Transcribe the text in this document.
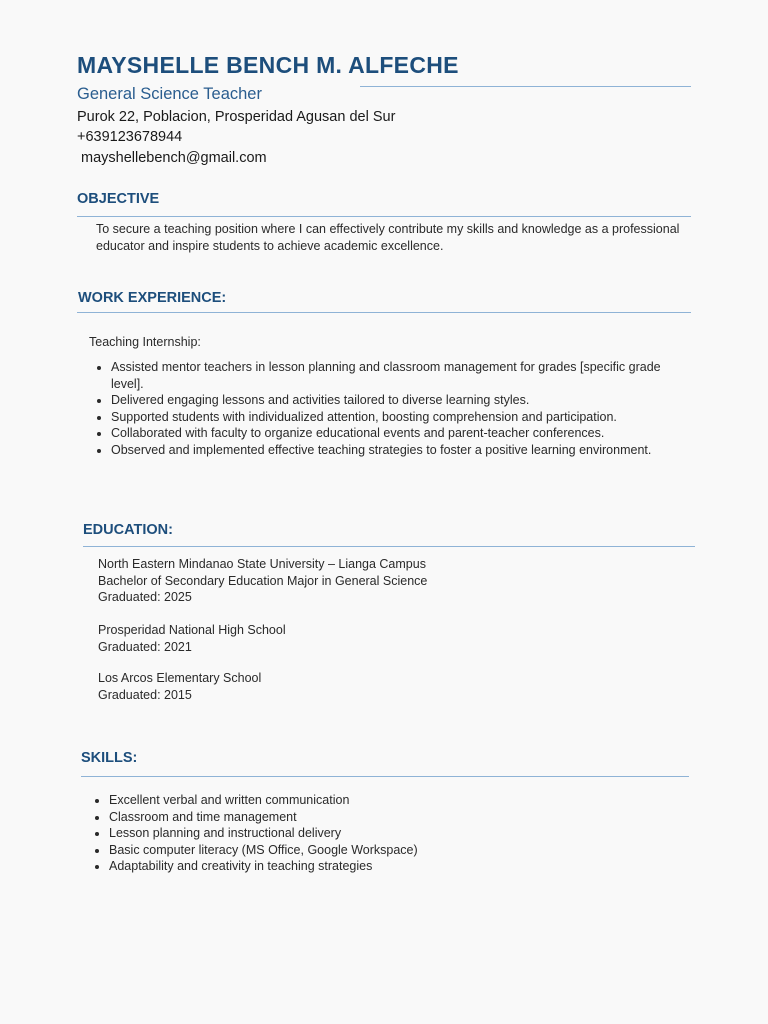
MAYSHELLE BENCH M. ALFECHE
General Science Teacher
Purok 22, Poblacion, Prosperidad Agusan del Sur
+639123678944
mayshellebench@gmail.com
OBJECTIVE
To secure a teaching position where I can effectively contribute my skills and knowledge as a professional educator and inspire students to achieve academic excellence.
WORK EXPERIENCE:
Teaching Internship:
• Assisted mentor teachers in lesson planning and classroom management for grades [specific grade level].
• Delivered engaging lessons and activities tailored to diverse learning styles.
• Supported students with individualized attention, boosting comprehension and participation.
• Collaborated with faculty to organize educational events and parent-teacher conferences.
• Observed and implemented effective teaching strategies to foster a positive learning environment.
EDUCATION:
North Eastern Mindanao State University – Lianga Campus
Bachelor of Secondary Education Major in General Science
Graduated: 2025
Prosperidad National High School
Graduated: 2021
Los Arcos Elementary School
Graduated: 2015
SKILLS:
• Excellent verbal and written communication
• Classroom and time management
• Lesson planning and instructional delivery
• Basic computer literacy (MS Office, Google Workspace)
• Adaptability and creativity in teaching strategies
